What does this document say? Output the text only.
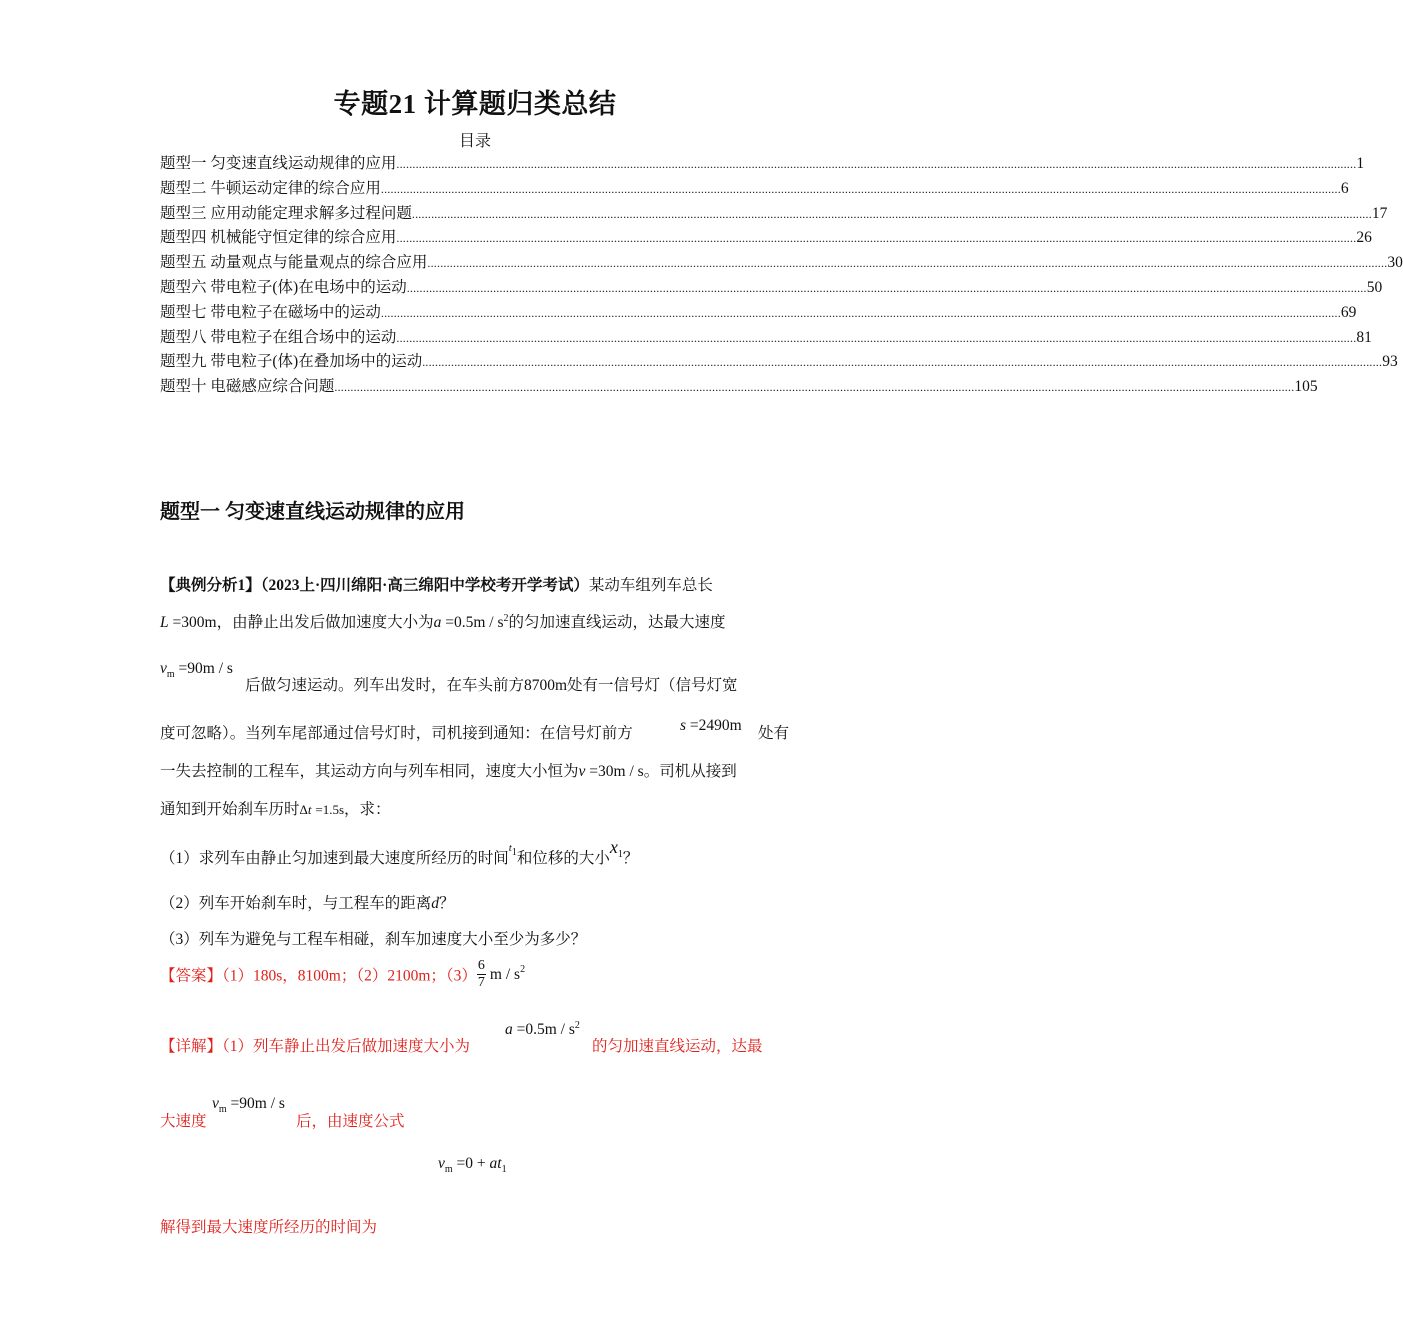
专题21 计算题归类总结
目录
题型一 匀变速直线运动规律的应用 ............................................................................................................................................................................................................................................................................................................ 1
题型二 牛顿运动定律的综合应用 ............................................................................................................................................................................................................................................................................................................ 6
题型三 应用动能定理求解多过程问题 ............................................................................................................................................................................................................................................................................................................ 17
题型四 机械能守恒定律的综合应用 ............................................................................................................................................................................................................................................................................................................ 26
题型五 动量观点与能量观点的综合应用 ............................................................................................................................................................................................................................................................................................................ 30
题型六 带电粒子(体)在电场中的运动 ............................................................................................................................................................................................................................................................................................................ 50
题型七 带电粒子在磁场中的运动 ............................................................................................................................................................................................................................................................................................................ 69
题型八 带电粒子在组合场中的运动 ............................................................................................................................................................................................................................................................................................................ 81
题型九 带电粒子(体)在叠加场中的运动 ............................................................................................................................................................................................................................................................................................................ 93
题型十 电磁感应综合问题 ............................................................................................................................................................................................................................................................................................................ 105
题型一 匀变速直线运动规律的应用
【典例分析1】（2023上·四川绵阳·高三绵阳中学校考开学考试）某动车组列车总长
L =300m，由静止出发后做加速度大小为$a =0.5m / s^2$的匀加速直线运动，达最大速度
$v_m =90m / s$
后做匀速运动。列车出发时，在车头前方8700m处有一信号灯（信号灯宽
度可忽略）。当列车尾部通过信号灯时，司机接到通知：在信号灯前方	s =2490m 处有
一失去控制的工程车，其运动方向与列车相同，速度大小恒为v =30m / s。司机从接到
通知到开始刹车历时Δt =1.5s，求：
（1）求列车由静止匀加速到最大速度所经历的时间$^t_1$和位移的大小$x_1$？
（2）列车开始刹车时，与工程车的距离d？
（3）列车为避免与工程车相碰，刹车加速度大小至少为多少？
【答案】（1）180s，8100m；（2）2100m；$(3) \frac{6}{7}$ m / $s^2$
【详解】（1）列车静止出发后做加速度大小为
$a =0.5m / s^2$
的匀加速直线运动，达最
大速度
$v_m =90m / s$
后，由速度公式
$v_m =0 + at_1$
解得到最大速度所经历的时间为
